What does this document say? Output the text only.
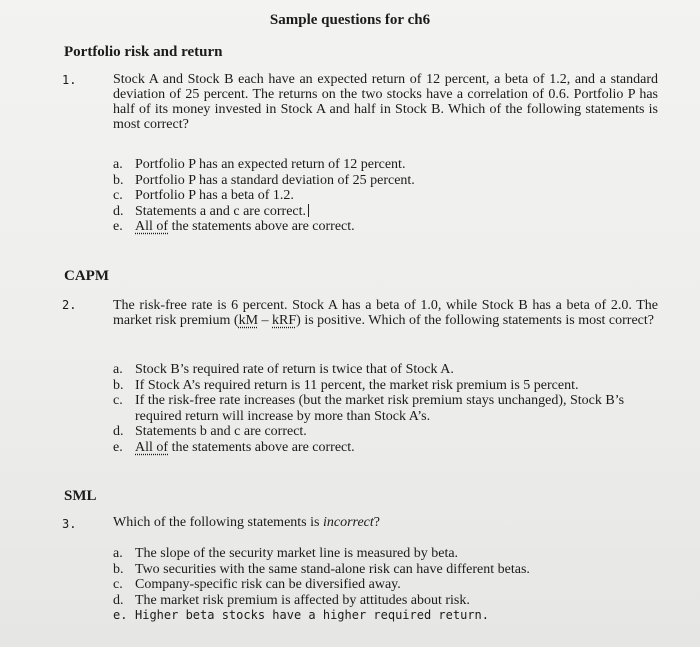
Sample questions for ch6
Portfolio risk and return
1.	Stock A and Stock B each have an expected return of 12 percent, a beta of 1.2, and a standard deviation of 25 percent. The returns on the two stocks have a correlation of 0.6. Portfolio P has half of its money invested in Stock A and half in Stock B. Which of the following statements is most correct?
a. Portfolio P has an expected return of 12 percent.
b. Portfolio P has a standard deviation of 25 percent.
c. Portfolio P has a beta of 1.2.
d. Statements a and c are correct.
e. All of the statements above are correct.
CAPM
2.	The risk-free rate is 6 percent. Stock A has a beta of 1.0, while Stock B has a beta of 2.0. The market risk premium (kM – kRF) is positive. Which of the following statements is most correct?
a. Stock B’s required rate of return is twice that of Stock A.
b. If Stock A’s required return is 11 percent, the market risk premium is 5 percent.
c. If the risk-free rate increases (but the market risk premium stays unchanged), Stock B’s required return will increase by more than Stock A’s.
d. Statements b and c are correct.
e. All of the statements above are correct.
SML
3.	Which of the following statements is incorrect?
a. The slope of the security market line is measured by beta.
b. Two securities with the same stand-alone risk can have different betas.
c. Company-specific risk can be diversified away.
d. The market risk premium is affected by attitudes about risk.
e. Higher beta stocks have a higher required return.
